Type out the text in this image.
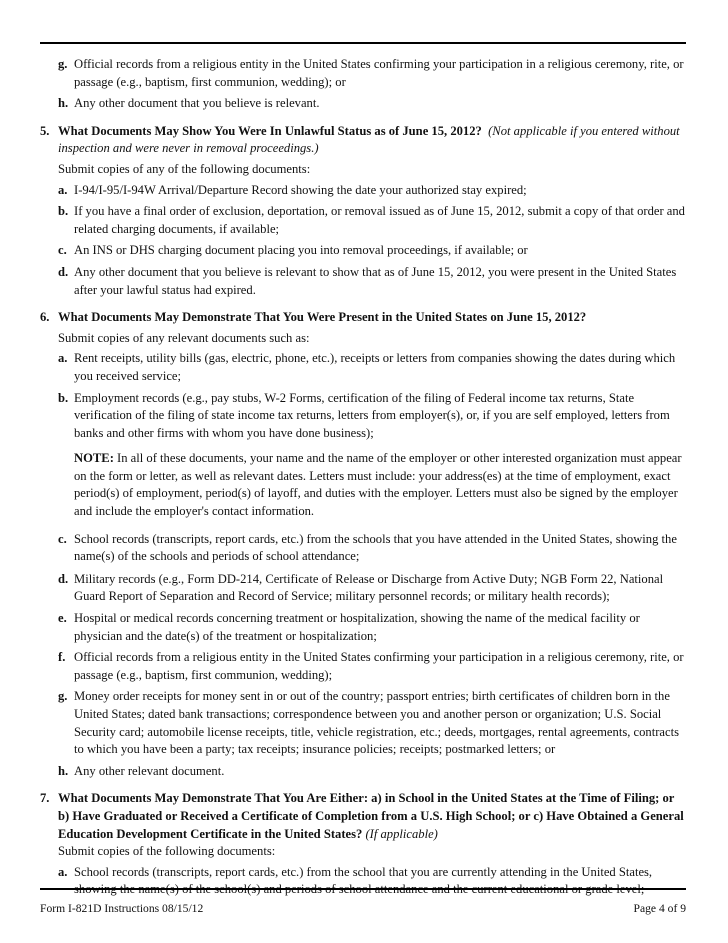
g. Official records from a religious entity in the United States confirming your participation in a religious ceremony, rite, or passage (e.g., baptism, first communion, wedding); or
h. Any other document that you believe is relevant.
5. What Documents May Show You Were In Unlawful Status as of June 15, 2012? (Not applicable if you entered without inspection and were never in removal proceedings.)
Submit copies of any of the following documents:
a. I-94/I-95/I-94W Arrival/Departure Record showing the date your authorized stay expired;
b. If you have a final order of exclusion, deportation, or removal issued as of June 15, 2012, submit a copy of that order and related charging documents, if available;
c. An INS or DHS charging document placing you into removal proceedings, if available; or
d. Any other document that you believe is relevant to show that as of June 15, 2012, you were present in the United States after your lawful status had expired.
6. What Documents May Demonstrate That You Were Present in the United States on June 15, 2012?
Submit copies of any relevant documents such as:
a. Rent receipts, utility bills (gas, electric, phone, etc.), receipts or letters from companies showing the dates during which you received service;
b. Employment records (e.g., pay stubs, W-2 Forms, certification of the filing of Federal income tax returns, State verification of the filing of state income tax returns, letters from employer(s), or, if you are self employed, letters from banks and other firms with whom you have done business);
NOTE: In all of these documents, your name and the name of the employer or other interested organization must appear on the form or letter, as well as relevant dates. Letters must include: your address(es) at the time of employment, exact period(s) of employment, period(s) of layoff, and duties with the employer. Letters must also be signed by the employer and include the employer's contact information.
c. School records (transcripts, report cards, etc.) from the schools that you have attended in the United States, showing the name(s) of the schools and periods of school attendance;
d. Military records (e.g., Form DD-214, Certificate of Release or Discharge from Active Duty; NGB Form 22, National Guard Report of Separation and Record of Service; military personnel records; or military health records);
e. Hospital or medical records concerning treatment or hospitalization, showing the name of the medical facility or physician and the date(s) of the treatment or hospitalization;
f. Official records from a religious entity in the United States confirming your participation in a religious ceremony, rite, or passage (e.g., baptism, first communion, wedding);
g. Money order receipts for money sent in or out of the country; passport entries; birth certificates of children born in the United States; dated bank transactions; correspondence between you and another person or organization; U.S. Social Security card; automobile license receipts, title, vehicle registration, etc.; deeds, mortgages, rental agreements, contracts to which you have been a party; tax receipts; insurance policies; receipts; postmarked letters; or
h. Any other relevant document.
7. What Documents May Demonstrate That You Are Either: a) in School in the United States at the Time of Filing; or b) Have Graduated or Received a Certificate of Completion from a U.S. High School; or c) Have Obtained a General Education Development Certificate in the United States? (If applicable)
Submit copies of the following documents:
a. School records (transcripts, report cards, etc.) from the school that you are currently attending in the United States,
Form I-821D Instructions 08/15/12	Page 4 of 9
